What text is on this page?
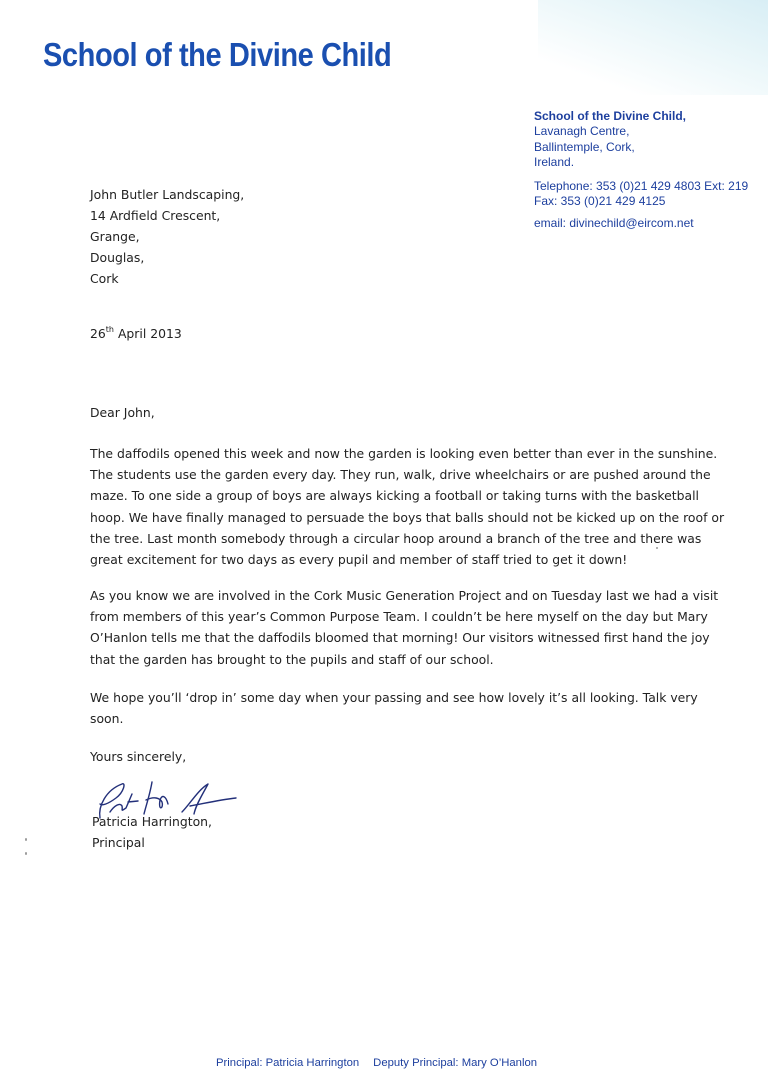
School of the Divine Child
School of the Divine Child,
Lavanagh Centre,
Ballintemple, Cork,
Ireland.
Telephone: 353 (0)21 429 4803 Ext: 219
Fax: 353 (0)21 429 4125
email: divinechild@eircom.net
John Butler Landscaping,
14 Ardfield Crescent,
Grange,
Douglas,
Cork
26th April 2013
Dear John,
The daffodils opened this week and now the garden is looking even better than ever in the sunshine. The students use the garden every day. They run, walk, drive wheelchairs or are pushed around the maze. To one side a group of boys are always kicking a football or taking turns with the basketball hoop. We have finally managed to persuade the boys that balls should not be kicked up on the roof or the tree. Last month somebody through a circular hoop around a branch of the tree and there was great excitement for two days as every pupil and member of staff tried to get it down!
As you know we are involved in the Cork Music Generation Project and on Tuesday last we had a visit from members of this year’s Common Purpose Team. I couldn’t be here myself on the day but Mary O’Hanlon tells me that the daffodils bloomed that morning! Our visitors witnessed first hand the joy that the garden has brought to the pupils and staff of our school.
We hope you’ll ‘drop in’ some day when your passing and see how lovely it’s all looking. Talk very soon.
Yours sincerely,
Patricia Harrington,
Principal
Principal: Patricia Harrington Deputy Principal: Mary O’Hanlon
